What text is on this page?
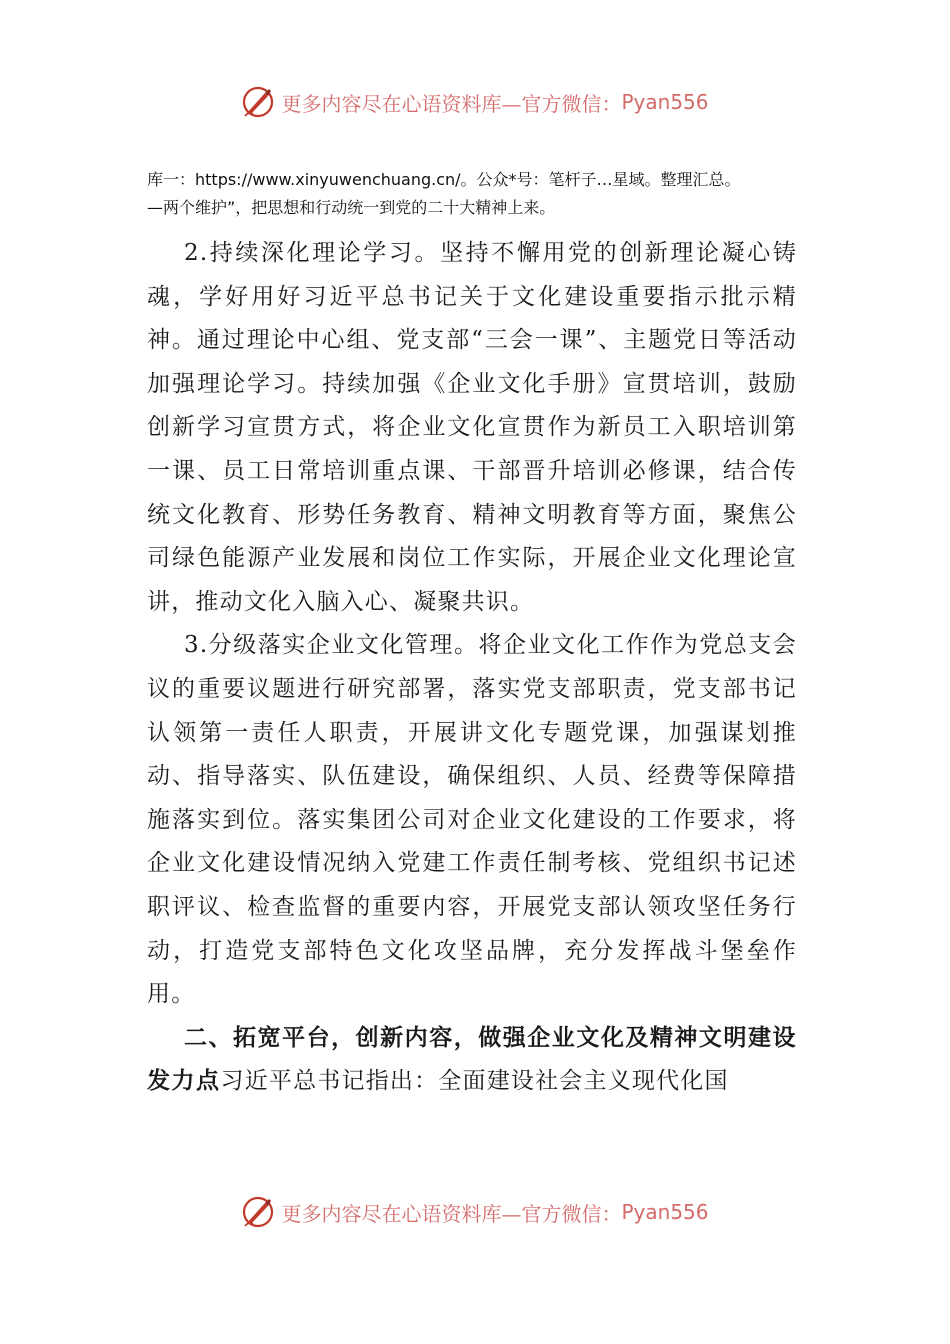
更多内容尽在心语资料库—官方微信： Pyan556
库一：https://www.xinyuwenchuang.cn/。公众*号：笔杆子…星域。整理汇总。
—两个维护”，把思想和行动统一到党的二十大精神上来。

2.持续深化理论学习。坚持不懈用党的创新理论凝心铸魂，学好用好习近平总书记关于文化建设重要指示批示精神。通过理论中心组、党支部“三会一课”、主题党日等活动加强理论学习。持续加强《企业文化手册》宣贯培训，鼓励创新学习宣贯方式，将企业文化宣贯作为新员工入职培训第一课、员工日常培训重点课、干部晋升培训必修课，结合传统文化教育、形势任务教育、精神文明教育等方面，聚焦公司绿色能源产业发展和岗位工作实际，开展企业文化理论宣讲，推动文化入脑入心、凝聚共识。

3.分级落实企业文化管理。将企业文化工作作为党总支会议的重要议题进行研究部署，落实党支部职责，党支部书记认领第一责任人职责，开展讲文化专题党课，加强谋划推动、指导落实、队伍建设，确保组织、人员、经费等保障措施落实到位。落实集团公司对企业文化建设的工作要求，将企业文化建设情况纳入党建工作责任制考核、党组织书记述职评议、检查监督的重要内容，开展党支部认领攻坚任务行动，打造党支部特色文化攻坚品牌，充分发挥战斗堡垒作用。

二、拓宽平台，创新内容，做强企业文化及精神文明建设发力点习近平总书记指出：全面建设社会主义现代化国

更多内容尽在心语资料库—官方微信： Pyan556
